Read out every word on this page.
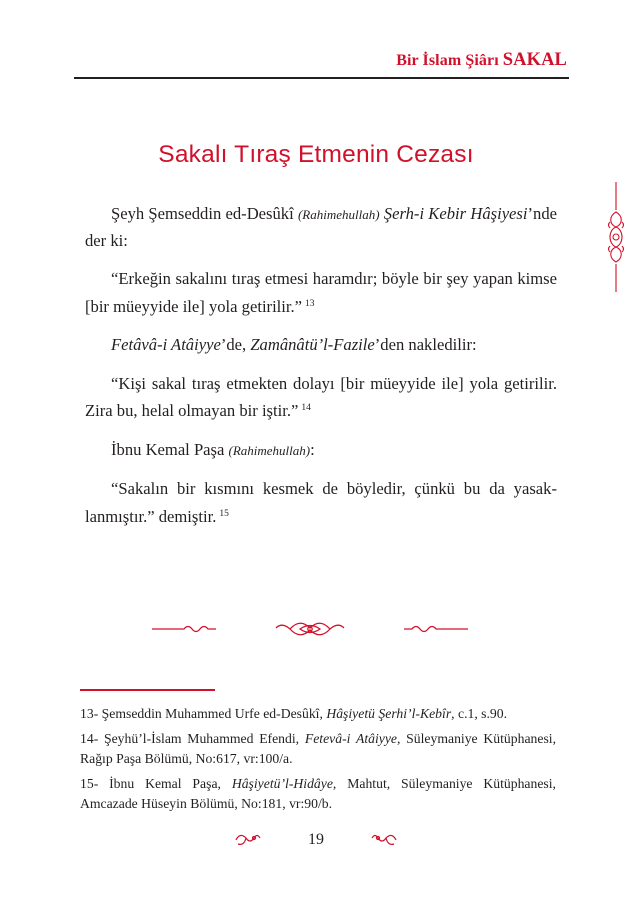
Bir İslam Şiârı SAKAL
Sakalı Tıraş Etmenin Cezası

Şeyh Şemseddin ed-Desûkî (Rahimehullah) Şerh-i Kebir Hâşiyesi’nde der ki:

“Erkeğin sakalını tıraş etmesi haramdır; böyle bir şey yapan kimse [bir müeyyide ile] yola getirilir.” $^{13}$

Fetâvâ-i Atâiyye’de, Zamânâtü’l-Fazile’den nakledilir:

“Kişi sakal tıraş etmekten dolayı [bir müeyyide ile] yola getirilir. Zira bu, helal olmayan bir iştir.” $^{14}$

İbnu Kemal Paşa (Rahimehullah):

“Sakalın bir kısmını kesmek de böyledir, çünkü bu da yasaklanmıştır.” demiştir. $^{15}$

13- Şemseddin Muhammed Urfe ed-Desûkî, Hâşiyetü Şerhi’l-Kebîr, c.1, s.90.

14- Şeyhü’l-İslam Muhammed Efendi, Fetevâ-i Atâiyye, Süleymaniye Kütüphanesi, Rağıp Paşa Bölümü, No:617, vr:100/a.

15- İbnu Kemal Paşa, Hâşiyetü’l-Hidâye, Mahtut, Süleymaniye Kütüphanesi, Amcazade Hüseyin Bölümü, No:181, vr:90/b.

19
